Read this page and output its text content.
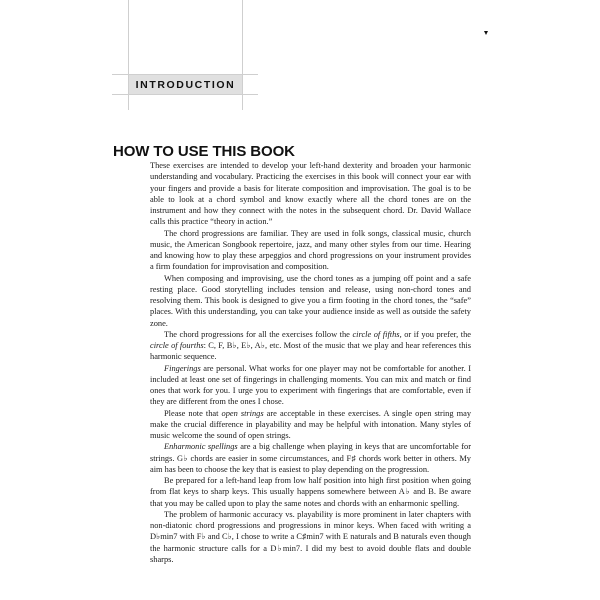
INTRODUCTION
HOW TO USE THIS BOOK

These exercises are intended to develop your left-hand dexterity and broaden your harmonic understanding and vocabulary. Practicing the exercises in this book will connect your ear with your fingers and provide a basis for literate composition and improvisation. The goal is to be able to look at a chord symbol and know exactly where all the chord tones are on the instrument and how they connect with the notes in the subsequent chord. Dr. David Wallace calls this practice “theory in action.”

The chord progressions are familiar. They are used in folk songs, classical music, church music, the American Songbook repertoire, jazz, and many other styles from our time. Hearing and knowing how to play these arpeggios and chord progressions on your instrument provides a firm foundation for improvisation and composition.

When composing and improvising, use the chord tones as a jumping off point and a safe resting place. Good storytelling includes tension and release, using non-chord tones and resolving them. This book is designed to give you a firm footing in the chord tones, the “safe” places. With this understanding, you can take your audience inside as well as outside the safety zone.

The chord progressions for all the exercises follow the circle of fifths, or if you prefer, the circle of fourths: C, F, B♭, E♭, A♭, etc. Most of the music that we play and hear references this harmonic sequence.

Fingerings are personal. What works for one player may not be comfortable for another. I included at least one set of fingerings in challenging moments. You can mix and match or find ones that work for you. I urge you to experiment with fingerings that are comfortable, even if they are different from the ones I chose.

Please note that open strings are acceptable in these exercises. A single open string may make the crucial difference in playability and may be helpful with intonation. Many styles of music welcome the sound of open strings.

Enharmonic spellings are a big challenge when playing in keys that are uncomfortable for strings. G♭ chords are easier in some circumstances, and F♯ chords work better in others. My aim has been to choose the key that is easiest to play depending on the progression.

Be prepared for a left-hand leap from low half position into high first position when going from flat keys to sharp keys. This usually happens somewhere between A♭ and B. Be aware that you may be called upon to play the same notes and chords with an enharmonic spelling.

The problem of harmonic accuracy vs. playability is more prominent in later chapters with non-diatonic chord progressions and progressions in minor keys. When faced with writing a D♭min7 with F♭ and C♭, I chose to write a C♯min7 with E naturals and B naturals even though the harmonic structure calls for a D♭min7. I did my best to avoid double flats and double sharps.
